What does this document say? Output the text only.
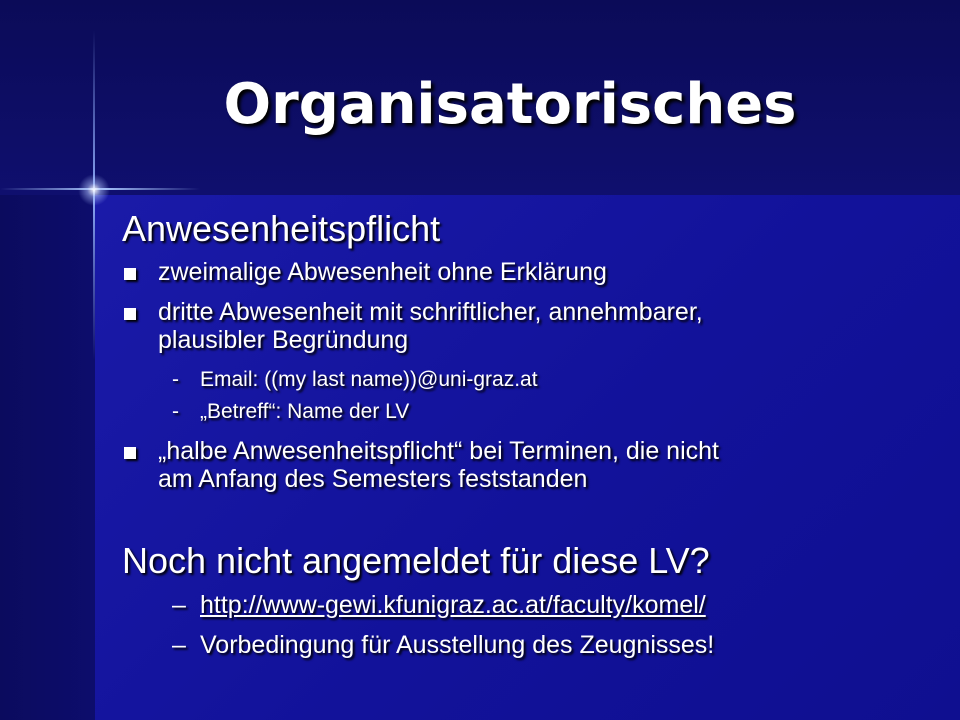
Organisatorisches
Anwesenheitspflicht
zweimalige Abwesenheit ohne Erklärung
dritte Abwesenheit mit schriftlicher, annehmbarer,
plausibler Begründung
- Email: ((my last name))@uni-graz.at
- „Betreff“: Name der LV
„halbe Anwesenheitspflicht“ bei Terminen, die nicht
am Anfang des Semesters feststanden
Noch nicht angemeldet für diese LV?
– http://www-gewi.kfunigraz.ac.at/faculty/komel/
– Vorbedingung für Ausstellung des Zeugnisses!
